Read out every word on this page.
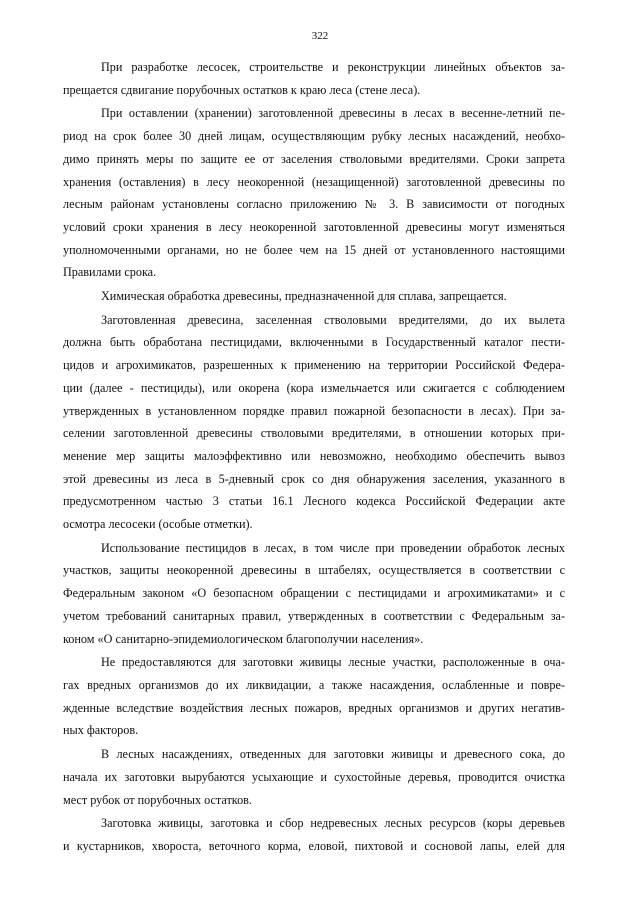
322
При разработке лесосек, строительстве и реконструкции линейных объектов за-
прещается сдвигание порубочных остатков к краю леса (стене леса).
При оставлении (хранении) заготовленной древесины в лесах в весенне-летний пе-
риод на срок более 30 дней лицам, осуществляющим рубку лесных насаждений, необхо-
димо принять меры по защите ее от заселения стволовыми вредителями. Сроки запрета
хранения (оставления) в лесу неокоренной (незащищенной) заготовленной древесины по
лесным районам установлены согласно приложению № 3. В зависимости от погодных
условий сроки хранения в лесу неокоренной заготовленной древесины могут изменяться
уполномоченными органами, но не более чем на 15 дней от установленного настоящими
Правилами срока.
Химическая обработка древесины, предназначенной для сплава, запрещается.
Заготовленная древесина, заселенная стволовыми вредителями, до их вылета
должна быть обработана пестицидами, включенными в Государственный каталог пести-
цидов и агрохимикатов, разрешенных к применению на территории Российской Федера-
ции (далее - пестициды), или окорена (кора измельчается или сжигается с соблюдением
утвержденных в установленном порядке правил пожарной безопасности в лесах). При за-
селении заготовленной древесины стволовыми вредителями, в отношении которых при-
менение мер защиты малоэффективно или невозможно, необходимо обеспечить вывоз
этой древесины из леса в 5-дневный срок со дня обнаружения заселения, указанного в
предусмотренном частью 3 статьи 16.1 Лесного кодекса Российской Федерации акте
осмотра лесосеки (особые отметки).
Использование пестицидов в лесах, в том числе при проведении обработок лесных
участков, защиты неокоренной древесины в штабелях, осуществляется в соответствии с
Федеральным законом «О безопасном обращении с пестицидами и агрохимикатами» и с
учетом требований санитарных правил, утвержденных в соответствии с Федеральным за-
коном «О санитарно-эпидемиологическом благополучии населения».
Не предоставляются для заготовки живицы лесные участки, расположенные в оча-
гах вредных организмов до их ликвидации, а также насаждения, ослабленные и повре-
жденные вследствие воздействия лесных пожаров, вредных организмов и других негатив-
ных факторов.
В лесных насаждениях, отведенных для заготовки живицы и древесного сока, до
начала их заготовки вырубаются усыхающие и сухостойные деревья, проводится очистка
мест рубок от порубочных остатков.
Заготовка живицы, заготовка и сбор недревесных лесных ресурсов (коры деревьев
и кустарников, хвороста, веточного корма, еловой, пихтовой и сосновой лапы, елей для
